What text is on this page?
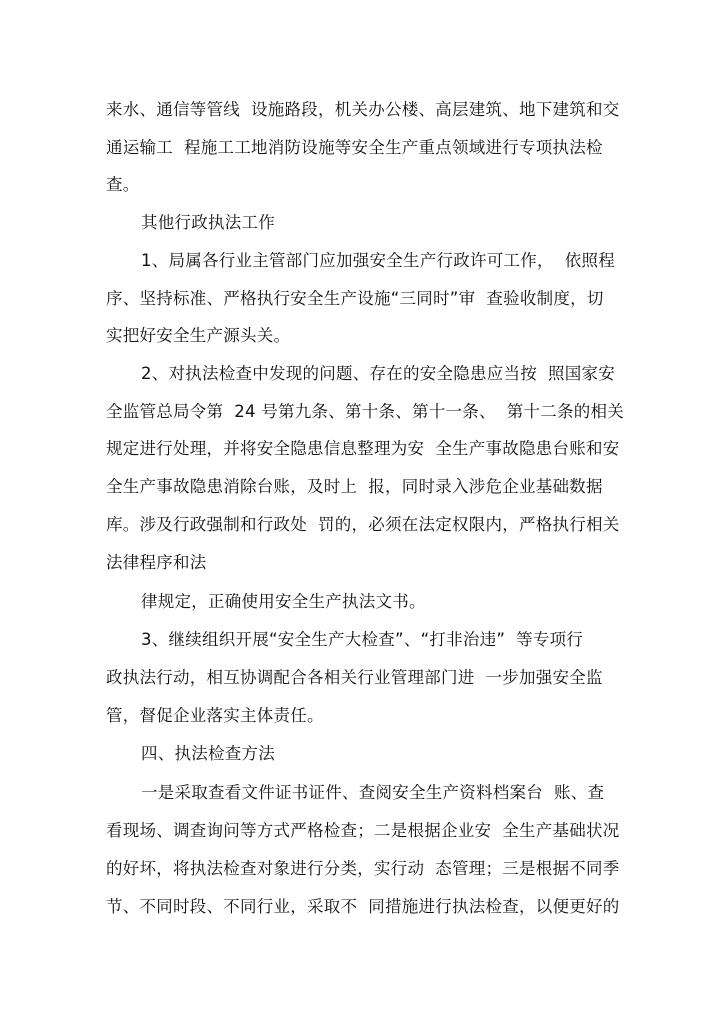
来水、通信等管线  设施路段，机关办公楼、高层建筑、地下建筑和交
通运输工  程施工工地消防设施等安全生产重点领域进行专项执法检
查。
其他行政执法工作
1、局属各行业主管部门应加强安全生产行政许可工作，  依照程
序、坚持标准、严格执行安全生产设施“三同时”审  查验收制度，切
实把好安全生产源头关。
2、对执法检查中发现的问题、存在的安全隐患应当按  照国家安
全监管总局令第  24 号第九条、第十条、第十一条、  第十二条的相关
规定进行处理，并将安全隐患信息整理为安  全生产事故隐患台账和安
全生产事故隐患消除台账，及时上  报，同时录入涉危企业基础数据
库。涉及行政强制和行政处  罚的，必须在法定权限内，严格执行相关
法律程序和法
律规定，正确使用安全生产执法文书。
3、继续组织开展“安全生产大检查”、“打非治违”  等专项行
政执法行动，相互协调配合各相关行业管理部门进  一步加强安全监
管，督促企业落实主体责任。
四、执法检查方法
一是采取查看文件证书证件、查阅安全生产资料档案台  账、查
看现场、调查询问等方式严格检查；二是根据企业安  全生产基础状况
的好坏，将执法检查对象进行分类，实行动  态管理；三是根据不同季
节、不同时段、不同行业，采取不  同措施进行执法检查，以便更好的
